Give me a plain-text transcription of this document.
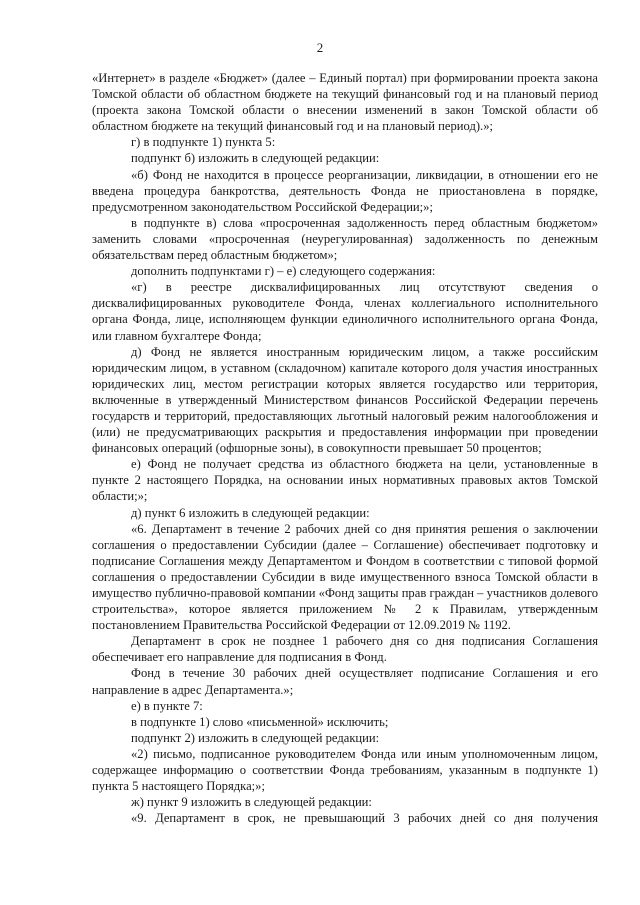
2

«Интернет» в разделе «Бюджет» (далее – Единый портал) при формировании проекта закона Томской области об областном бюджете на текущий финансовый год и на плановый период (проекта закона Томской области о внесении изменений в закон Томской области об областном бюджете на текущий финансовый год и на плановый период).»;

г) в подпункте 1) пункта 5:

подпункт б) изложить в следующей редакции:

«б) Фонд не находится в процессе реорганизации, ликвидации, в отношении его не введена процедура банкротства, деятельность Фонда не приостановлена в порядке, предусмотренном законодательством Российской Федерации;»;

в подпункте в) слова «просроченная задолженность перед областным бюджетом» заменить словами «просроченная (неурегулированная) задолженность по денежным обязательствам перед областным бюджетом»;

дополнить подпунктами г) – е) следующего содержания:

«г) в реестре дисквалифицированных лиц отсутствуют сведения о дисквалифицированных руководителе Фонда, членах коллегиального исполнительного органа Фонда, лице, исполняющем функции единоличного исполнительного органа Фонда, или главном бухгалтере Фонда;

д) Фонд не является иностранным юридическим лицом, а также российским юридическим лицом, в уставном (складочном) капитале которого доля участия иностранных юридических лиц, местом регистрации которых является государство или территория, включенные в утвержденный Министерством финансов Российской Федерации перечень государств и территорий, предоставляющих льготный налоговый режим налогообложения и (или) не предусматривающих раскрытия и предоставления информации при проведении финансовых операций (офшорные зоны), в совокупности превышает 50 процентов;

е) Фонд не получает средства из областного бюджета на цели, установленные в пункте 2 настоящего Порядка, на основании иных нормативных правовых актов Томской области;»;

д) пункт 6 изложить в следующей редакции:

«6. Департамент в течение 2 рабочих дней со дня принятия решения о заключении соглашения о предоставлении Субсидии (далее – Соглашение) обеспечивает подготовку и подписание Соглашения между Департаментом и Фондом в соответствии с типовой формой соглашения о предоставлении Субсидии в виде имущественного взноса Томской области в имущество публично-правовой компании «Фонд защиты прав граждан – участников долевого строительства», которое является приложением № 2 к Правилам, утвержденным постановлением Правительства Российской Федерации от 12.09.2019 № 1192.

Департамент в срок не позднее 1 рабочего дня со дня подписания Соглашения обеспечивает его направление для подписания в Фонд.

Фонд в течение 30 рабочих дней осуществляет подписание Соглашения и его направление в адрес Департамента.»;

е) в пункте 7:

в подпункте 1) слово «письменной» исключить;

подпункт 2) изложить в следующей редакции:

«2) письмо, подписанное руководителем Фонда или иным уполномоченным лицом, содержащее информацию о соответствии Фонда требованиям, указанным в подпункте 1) пункта 5 настоящего Порядка;»;

ж) пункт 9 изложить в следующей редакции:

«9. Департамент в срок, не превышающий 3 рабочих дней со дня получения
